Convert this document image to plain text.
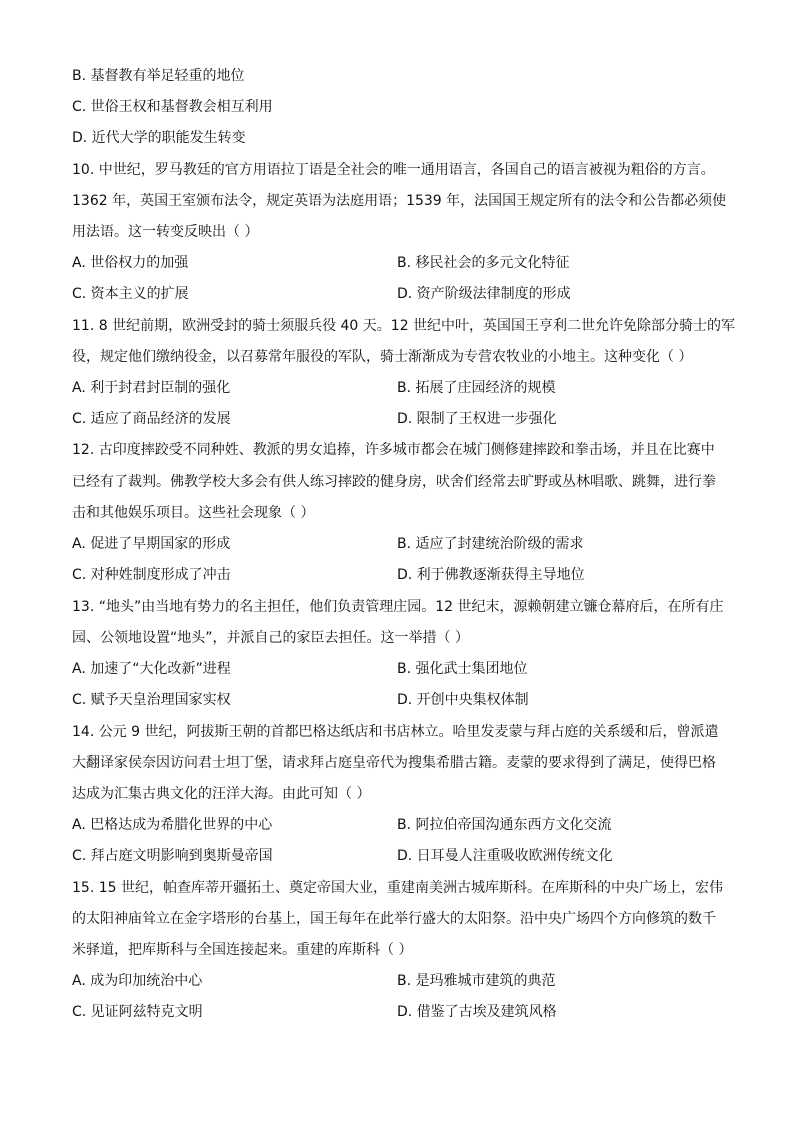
B. 基督教有举足轻重的地位
C. 世俗王权和基督教会相互利用
D. 近代大学的职能发生转变
10. 中世纪，罗马教廷的官方用语拉丁语是全社会的唯一通用语言，各国自己的语言被视为粗俗的方言。
1362 年，英国王室颁布法令，规定英语为法庭用语；1539 年，法国国王规定所有的法令和公告都必须使
用法语。这一转变反映出（ ）
A. 世俗权力的加强	B. 移民社会的多元文化特征
C. 资本主义的扩展	D. 资产阶级法律制度的形成
11. 8 世纪前期，欧洲受封的骑士须服兵役 40 天。12 世纪中叶，英国国王亨利二世允许免除部分骑士的军
役，规定他们缴纳役金，以召募常年服役的军队，骑士渐渐成为专营农牧业的小地主。这种变化（ ）
A. 利于封君封臣制的强化	B. 拓展了庄园经济的规模
C. 适应了商品经济的发展	D. 限制了王权进一步强化
12. 古印度摔跤受不同种姓、教派的男女追捧，许多城市都会在城门侧修建摔跤和拳击场，并且在比赛中
已经有了裁判。佛教学校大多会有供人练习摔跤的健身房，吠舍们经常去旷野或丛林唱歌、跳舞，进行拳
击和其他娱乐项目。这些社会现象（ ）
A. 促进了早期国家的形成	B. 适应了封建统治阶级的需求
C. 对种姓制度形成了冲击	D. 利于佛教逐渐获得主导地位
13. “地头”由当地有势力的名主担任，他们负责管理庄园。12 世纪末，源赖朝建立镰仓幕府后，在所有庄
园、公领地设置“地头”，并派自己的家臣去担任。这一举措（ ）
A. 加速了“大化改新”进程	B. 强化武士集团地位
C. 赋予天皇治理国家实权	D. 开创中央集权体制
14. 公元 9 世纪，阿拔斯王朝的首都巴格达纸店和书店林立。哈里发麦蒙与拜占庭的关系缓和后，曾派遣
大翻译家侯奈因访问君士坦丁堡，请求拜占庭皇帝代为搜集希腊古籍。麦蒙的要求得到了满足，使得巴格
达成为汇集古典文化的汪洋大海。由此可知（ ）
A. 巴格达成为希腊化世界的中心	B. 阿拉伯帝国沟通东西方文化交流
C. 拜占庭文明影响到奥斯曼帝国	D. 日耳曼人注重吸收欧洲传统文化
15. 15 世纪，帕查库蒂开疆拓土、奠定帝国大业，重建南美洲古城库斯科。在库斯科的中央广场上，宏伟
的太阳神庙耸立在金字塔形的台基上，国王每年在此举行盛大的太阳祭。沿中央广场四个方向修筑的数千
米驿道，把库斯科与全国连接起来。重建的库斯科（ ）
A. 成为印加统治中心	B. 是玛雅城市建筑的典范
C. 见证阿兹特克文明	D. 借鉴了古埃及建筑风格
